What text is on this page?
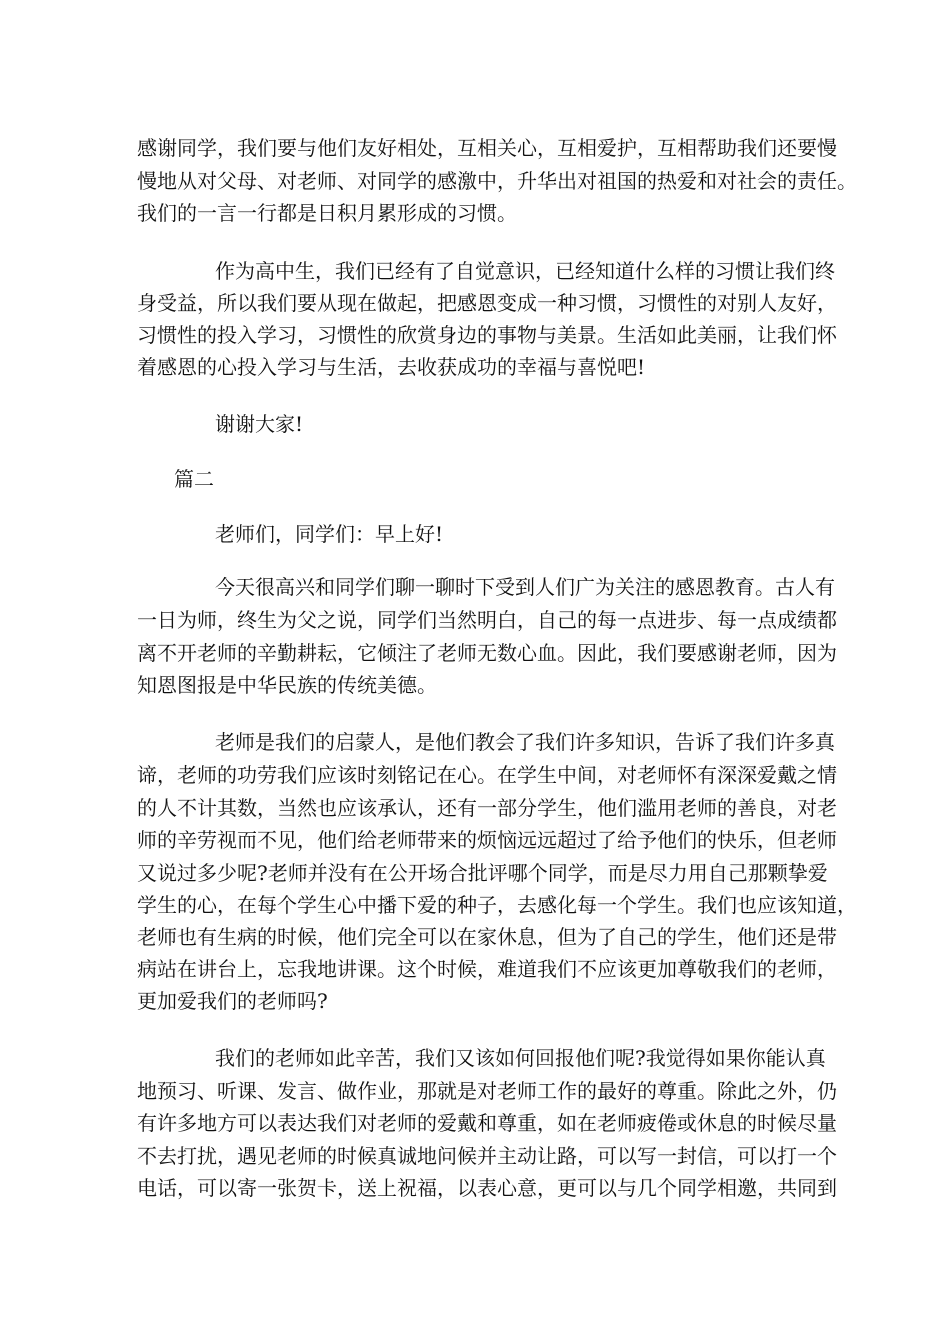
感谢同学，我们要与他们友好相处，互相关心，互相爱护，互相帮助我们还要慢

慢地从对父母、对老师、对同学的感激中，升华出对祖国的热爱和对社会的责任。

我们的一言一行都是日积月累形成的习惯。

作为高中生，我们已经有了自觉意识，已经知道什么样的习惯让我们终

身受益，所以我们要从现在做起，把感恩变成一种习惯，习惯性的对别人友好，

习惯性的投入学习，习惯性的欣赏身边的事物与美景。生活如此美丽，让我们怀

着感恩的心投入学习与生活，去收获成功的幸福与喜悦吧!

谢谢大家!

篇二

老师们，同学们：早上好!

今天很高兴和同学们聊一聊时下受到人们广为关注的感恩教育。古人有

一日为师，终生为父之说，同学们当然明白，自己的每一点进步、每一点成绩都

离不开老师的辛勤耕耘，它倾注了老师无数心血。因此，我们要感谢老师，因为

知恩图报是中华民族的传统美德。

老师是我们的启蒙人，是他们教会了我们许多知识，告诉了我们许多真

谛，老师的功劳我们应该时刻铭记在心。在学生中间，对老师怀有深深爱戴之情

的人不计其数，当然也应该承认，还有一部分学生，他们滥用老师的善良，对老

师的辛劳视而不见，他们给老师带来的烦恼远远超过了给予他们的快乐，但老师

又说过多少呢?老师并没有在公开场合批评哪个同学，而是尽力用自己那颗挚爱

学生的心，在每个学生心中播下爱的种子，去感化每一个学生。我们也应该知道，

老师也有生病的时候，他们完全可以在家休息，但为了自己的学生，他们还是带

病站在讲台上，忘我地讲课。这个时候，难道我们不应该更加尊敬我们的老师，

更加爱我们的老师吗?

我们的老师如此辛苦，我们又该如何回报他们呢?我觉得如果你能认真

地预习、听课、发言、做作业，那就是对老师工作的最好的尊重。除此之外，仍

有许多地方可以表达我们对老师的爱戴和尊重，如在老师疲倦或休息的时候尽量

不去打扰，遇见老师的时候真诚地问候并主动让路，可以写一封信，可以打一个

电话，可以寄一张贺卡，送上祝福，以表心意，更可以与几个同学相邀，共同到
